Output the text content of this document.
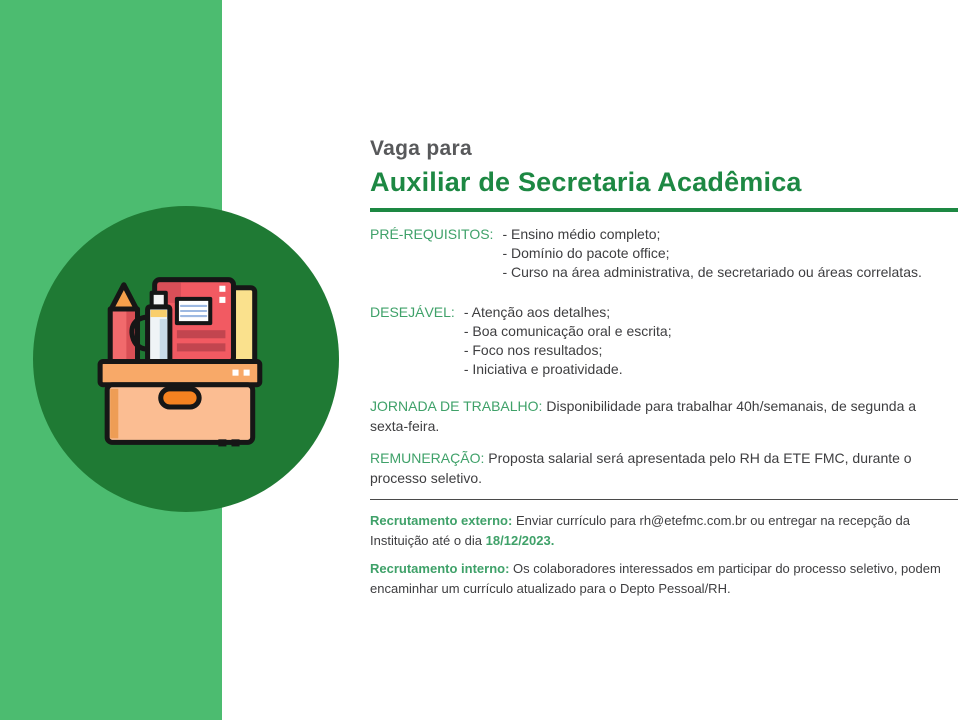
Vaga para
Auxiliar de Secretaria Acadêmica
PRÉ-REQUISITOS: - Ensino médio completo;
- Domínio do pacote office;
- Curso na área administrativa, de secretariado ou áreas correlatas.
DESEJÁVEL: - Atenção aos detalhes;
- Boa comunicação oral e escrita;
- Foco nos resultados;
- Iniciativa e proatividade.

JORNADA DE TRABALHO: Disponibilidade para trabalhar 40h/semanais, de segunda a sexta-feira.

REMUNERAÇÃO: Proposta salarial será apresentada pelo RH da ETE FMC, durante o processo seletivo.

Recrutamento externo: Enviar currículo para rh@etefmc.com.br ou entregar na recepção da Instituição até o dia 18/12/2023.

Recrutamento interno: Os colaboradores interessados em participar do processo seletivo, podem encaminhar um currículo atualizado para o Depto Pessoal/RH.
